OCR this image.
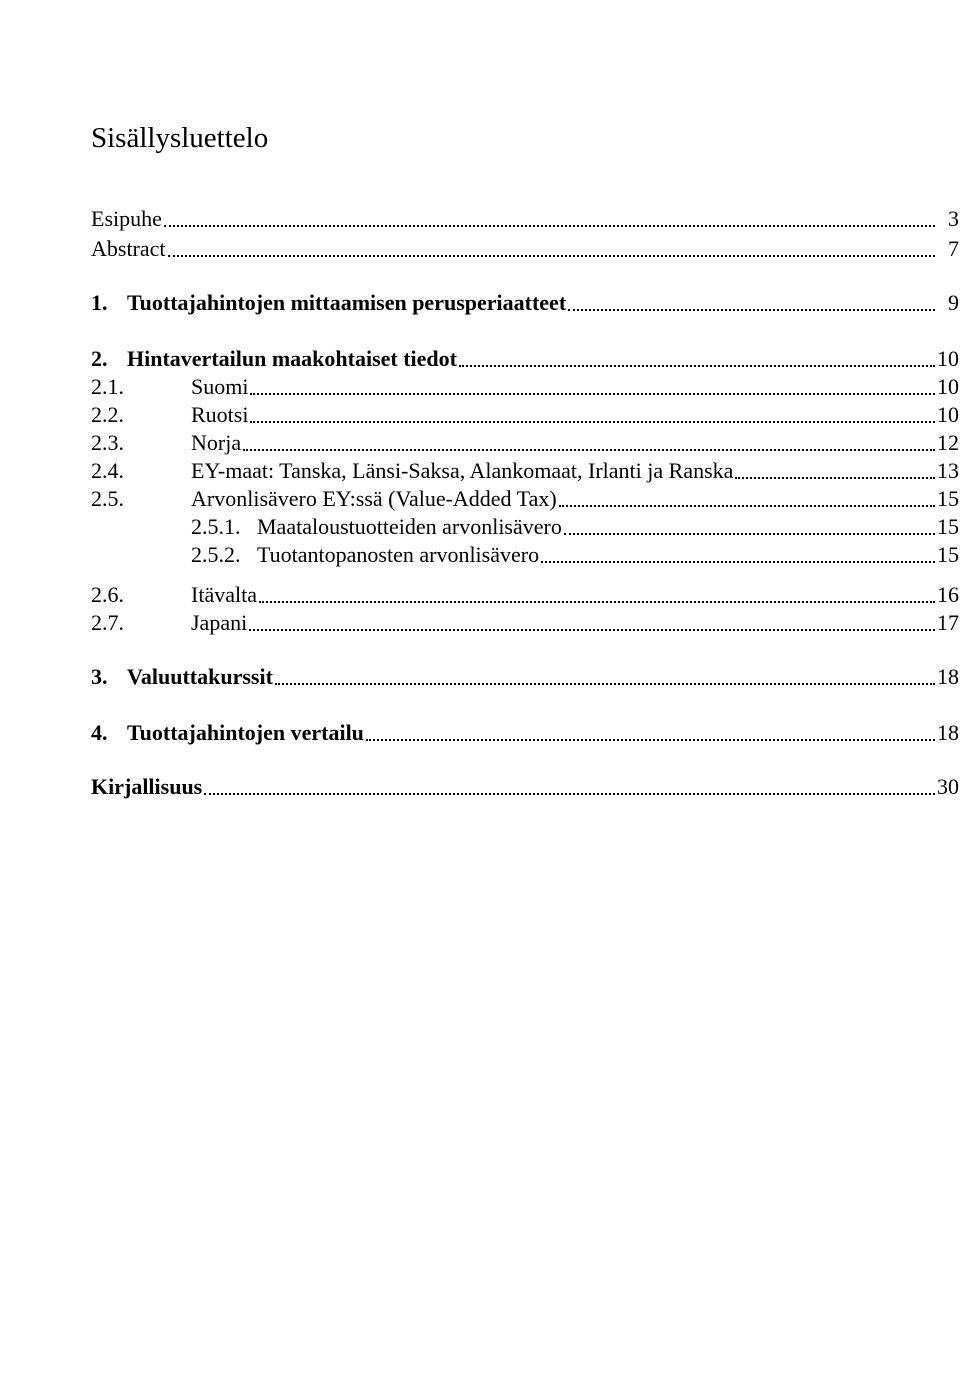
Sisällysluettelo
Esipuhe	3
Abstract	7
1. Tuottajahintojen mittaamisen perusperiaatteet	9
2. Hintavertailun maakohtaiset tiedot	10
2.1.	Suomi	10
2.2.	Ruotsi	10
2.3.	Norja	12
2.4.	EY-maat: Tanska, Länsi-Saksa, Alankomaat, Irlanti ja Ranska	13
2.5.	Arvonlisävero EY:ssä (Value-Added Tax)	15
2.5.1. Maataloustuotteiden arvonlisävero	15
2.5.2. Tuotantopanosten arvonlisävero	15
2.6.	Itävalta	16
2.7.	Japani	17
3. Valuuttakurssit	18
4. Tuottajahintojen vertailu	18
Kirjallisuus	30
